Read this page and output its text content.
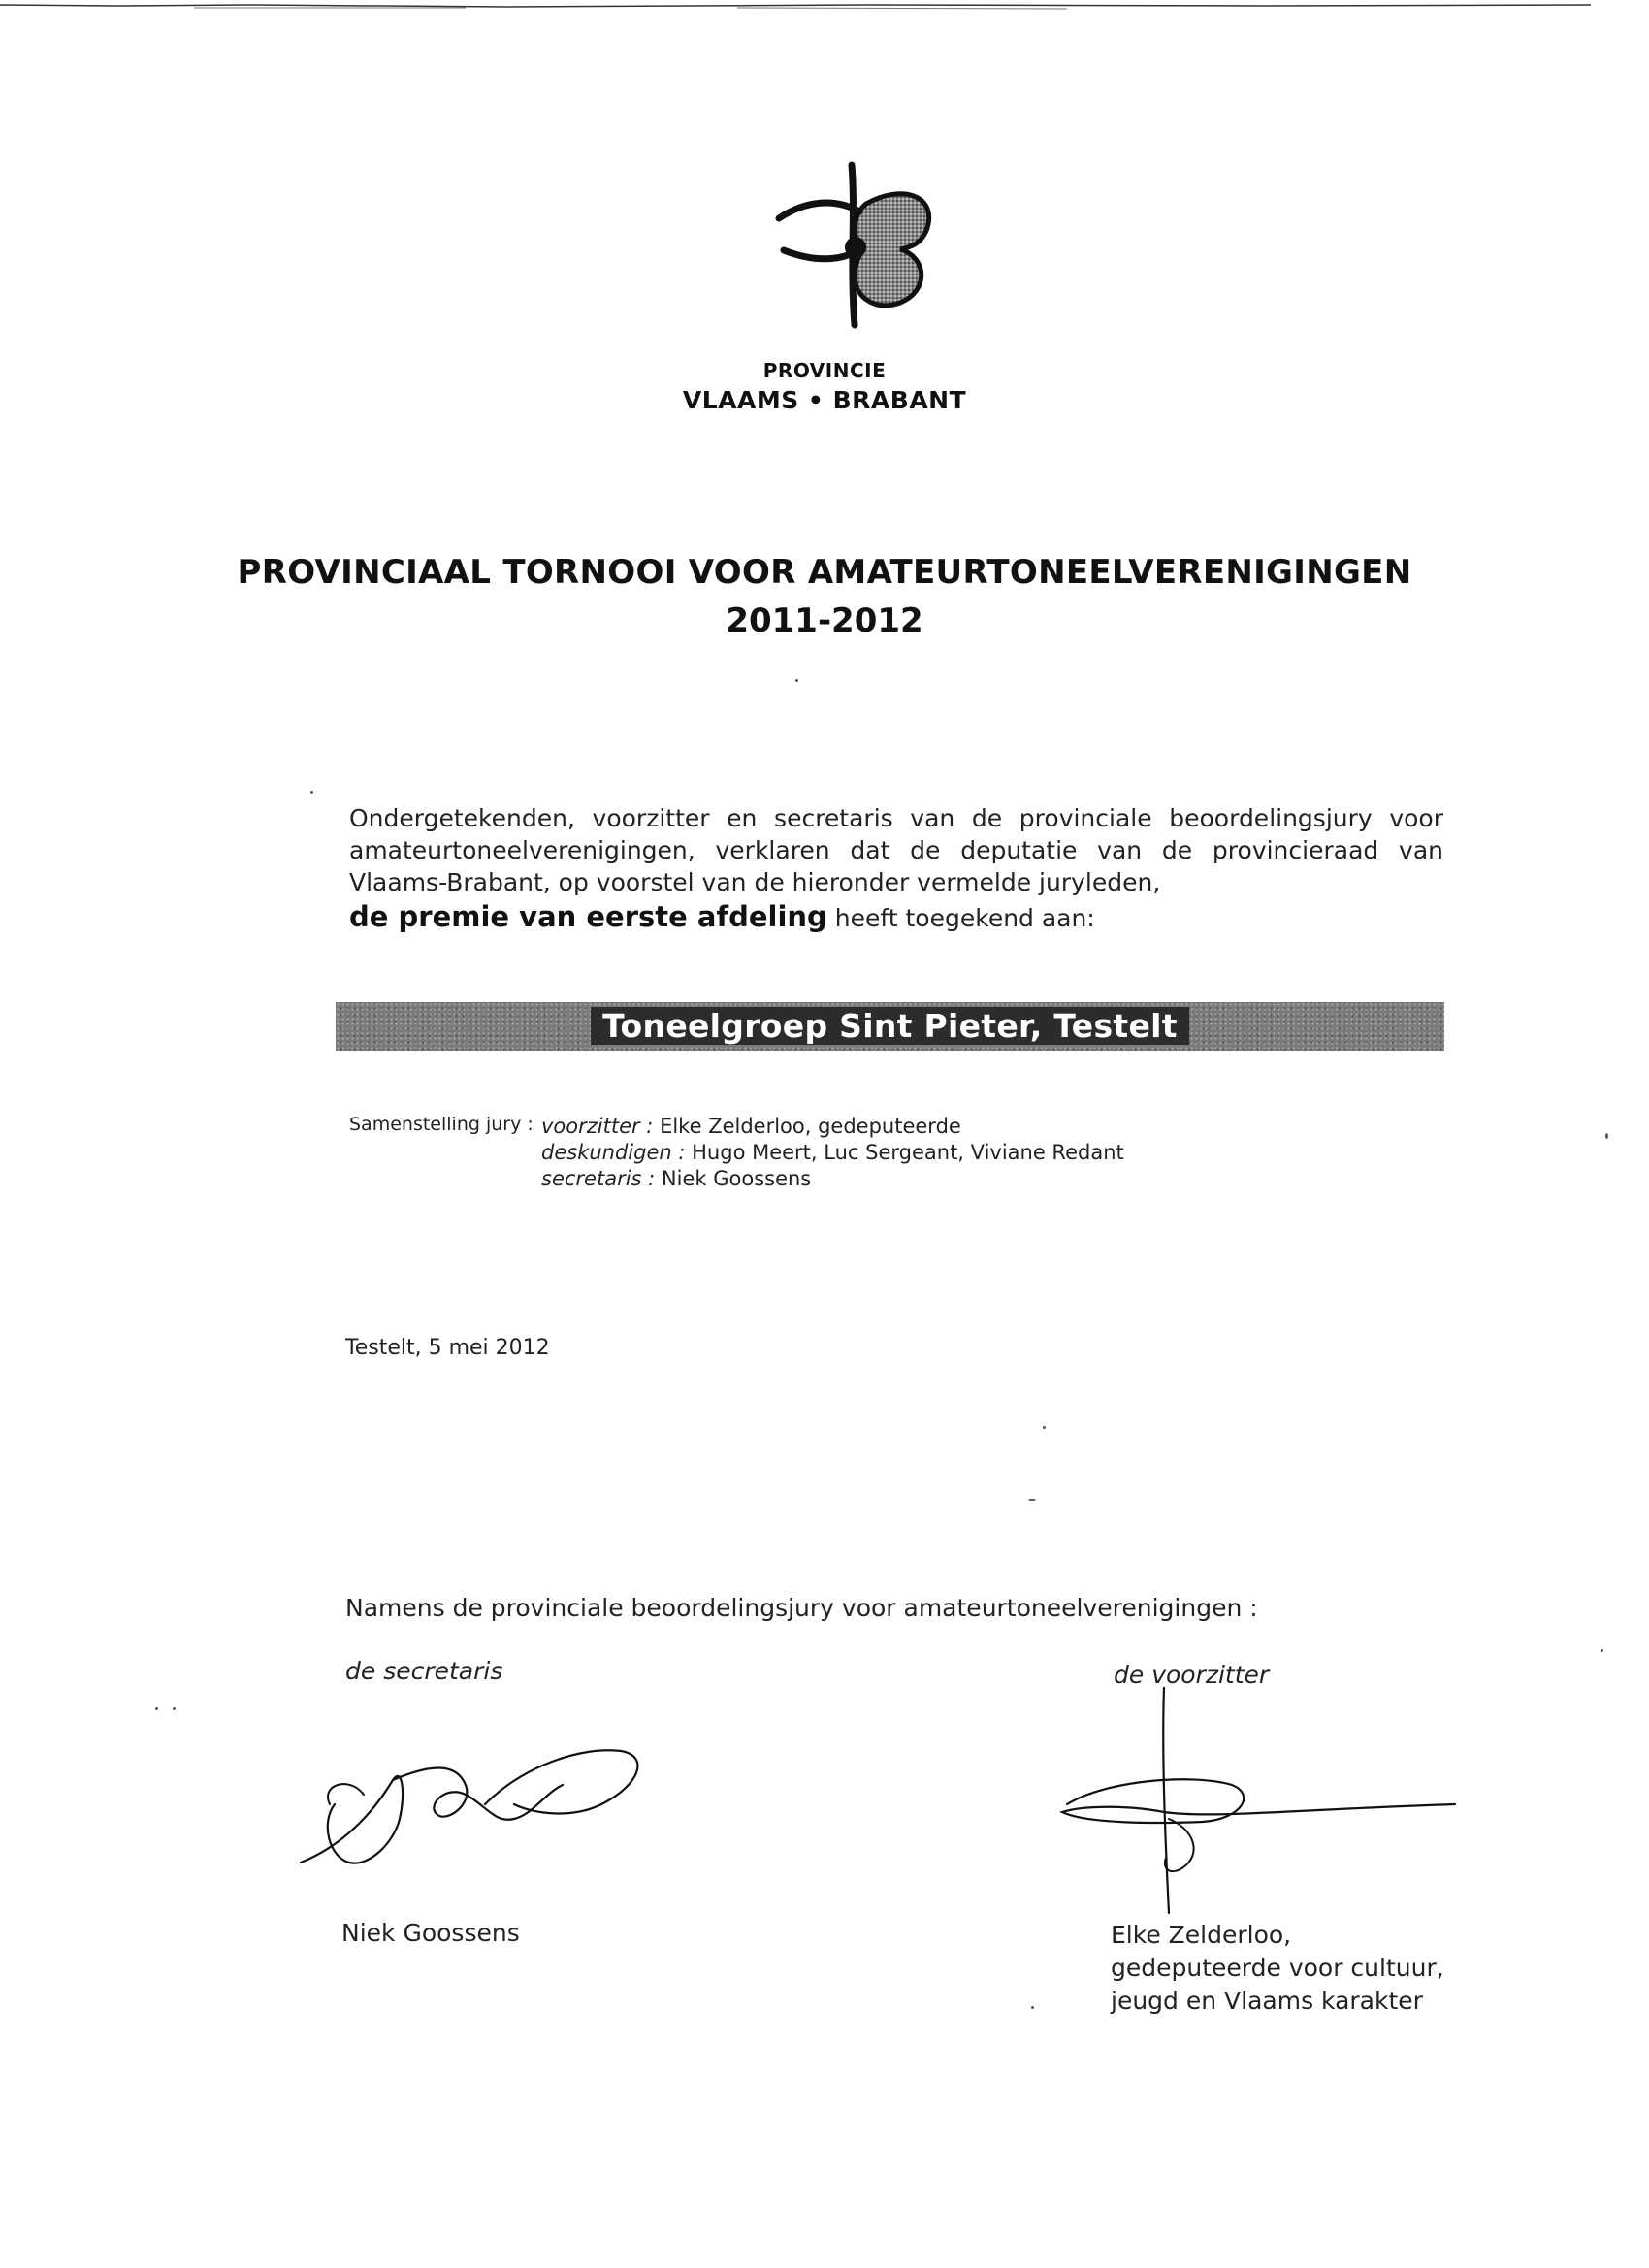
PROVINCIE
VLAAMS • BRABANT
PROVINCIAAL TORNOOI VOOR AMATEURTONEELVERENIGINGEN
2011-2012
Ondergetekenden, voorzitter en secretaris van de provinciale beoordelingsjury voor amateurtoneelverenigingen, verklaren dat de deputatie van de provincieraad van Vlaams-Brabant, op voorstel van de hieronder vermelde juryleden,
de premie van eerste afdeling heeft toegekend aan:
Toneelgroep Sint Pieter, Testelt
Samenstelling jury : voorzitter : Elke Zelderloo, gedeputeerde
deskundigen : Hugo Meert, Luc Sergeant, Viviane Redant
secretaris : Niek Goossens
Testelt, 5 mei 2012
Namens de provinciale beoordelingsjury voor amateurtoneelverenigingen :
de secretaris	de voorzitter
Niek Goossens	Elke Zelderloo,
gedeputeerde voor cultuur,
jeugd en Vlaams karakter
